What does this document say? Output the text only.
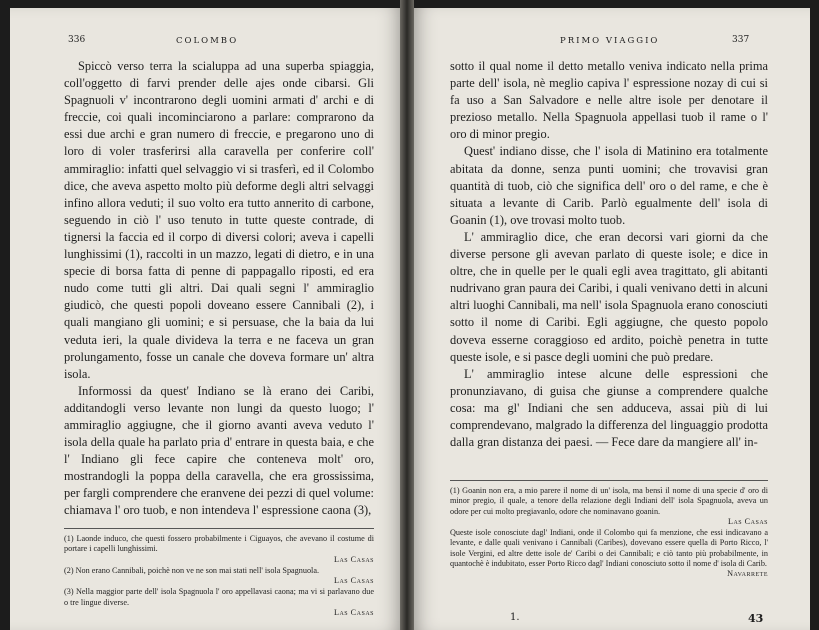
336	COLOMBO

Spiccò verso terra la scialuppa ad una superba spiaggia, coll'oggetto di farvi prender delle ajes onde cibarsi. Gli Spagnuoli v' incontrarono degli uomini armati d' archi e di freccie, coi quali incominciarono a parlare: comprarono da essi due archi e gran numero di freccie, e pregarono uno di loro di voler trasferirsi alla caravella per conferire coll' ammiraglio: infatti quel selvaggio vi si trasferì, ed il Colombo dice, che aveva aspetto molto più deforme degli altri selvaggi infino allora veduti; il suo volto era tutto annerito di carbone, seguendo in ciò l' uso tenuto in tutte queste contrade, di tignersi la faccia ed il corpo di diversi colori; aveva i capelli lunghissimi (1), raccolti in un mazzo, legati di dietro, e in una specie di borsa fatta di penne di pappagallo riposti, ed era nudo come tutti gli altri. Dai quali segni l' ammiraglio giudicò, che questi popoli doveano essere Cannibali (2), i quali mangiano gli uomini; e si persuase, che la baia da lui veduta ieri, la quale divideva la terra e ne faceva un gran prolungamento, fosse un canale che doveva formare un' altra isola.

Informossi da quest' Indiano se là erano dei Caribi, additandogli verso levante non lungi da questo luogo; l' ammiraglio aggiugne, che il giorno avanti aveva veduto l' isola della quale ha parlato pria d' entrare in questa baia, e che l' Indiano gli fece capire che conteneva molt' oro, mostrandogli la poppa della caravella, che era grossissima, per fargli comprendere che eranvene dei pezzi di quel volume: chiamava l' oro tuob, e non intendeva l' espressione caona (3),

(1) Laonde induco, che questi fossero probabilmente i Ciguayos, che avevano il costume di portare i capelli lunghissimi.
Las Casas

(2) Non erano Cannibali, poichè non ve ne son mai stati nell' isola Spagnuola.
Las Casas

(3) Nella maggior parte dell' isola Spagnuola l' oro appellavasi caona; ma vi si parlavano due o tre lingue diverse.
Las Casas

PRIMO VIAGGIO	337

sotto il qual nome il detto metallo veniva indicato nella prima parte dell' isola, nè meglio capiva l' espressione nozay di cui si fa uso a San Salvadore e nelle altre isole per denotare il prezioso metallo. Nella Spagnuola appellasi tuob il rame o l' oro di minor pregio.

Quest' indiano disse, che l' isola di Matinino era totalmente abitata da donne, senza punti uomini; che trovavisi gran quantità di tuob, ciò che significa dell' oro o del rame, e che è situata a levante di Carib. Parlò egualmente dell' isola di Goanin (1), ove trovasi molto tuob.

L' ammiraglio dice, che eran decorsi vari giorni da che diverse persone gli avevan parlato di queste isole; e dice in oltre, che in quelle per le quali egli avea tragittato, gli abitanti nudrivano gran paura dei Caribi, i quali venivano detti in alcuni altri luoghi Cannibali, ma nell' isola Spagnuola erano conosciuti sotto il nome di Caribi. Egli aggiugne, che questo popolo doveva esserne coraggioso ed ardito, poichè penetra in tutte queste isole, e si pasce degli uomini che può predare.

L' ammiraglio intese alcune delle espressioni che pronunziavano, di guisa che giunse a comprendere qualche cosa: ma gl' Indiani che sen adduceva, assai più di lui comprendevano, malgrado la differenza del linguaggio prodotta dalla gran distanza dei paesi. — Fece dare da mangiere all' in-

(1) Goanin non era, a mio parere il nome di un' isola, ma bensì il nome di una specie d' oro di minor pregio, il quale, a tenore della relazione degli Indiani dell' isola Spagnuola, aveva un odore per cui molto pregiavanlo, odore che nominavano goanin.
Las Casas

Queste isole conosciute dagl' Indiani, onde il Colombo qui fa menzione, che essi indicavano a levante, e dalle quali venivano i Cannibali (Caribes), dovevano essere quella di Porto Ricco, l' isole Vergini, ed altre dette isole de' Caribi o dei Cannibali; e ciò tanto più probabilmente, in quantochè è indubitato, esser Porto Ricco dagl' Indiani conosciuto sotto il nome d' isola di Carib.
Navarrete

1.	43
